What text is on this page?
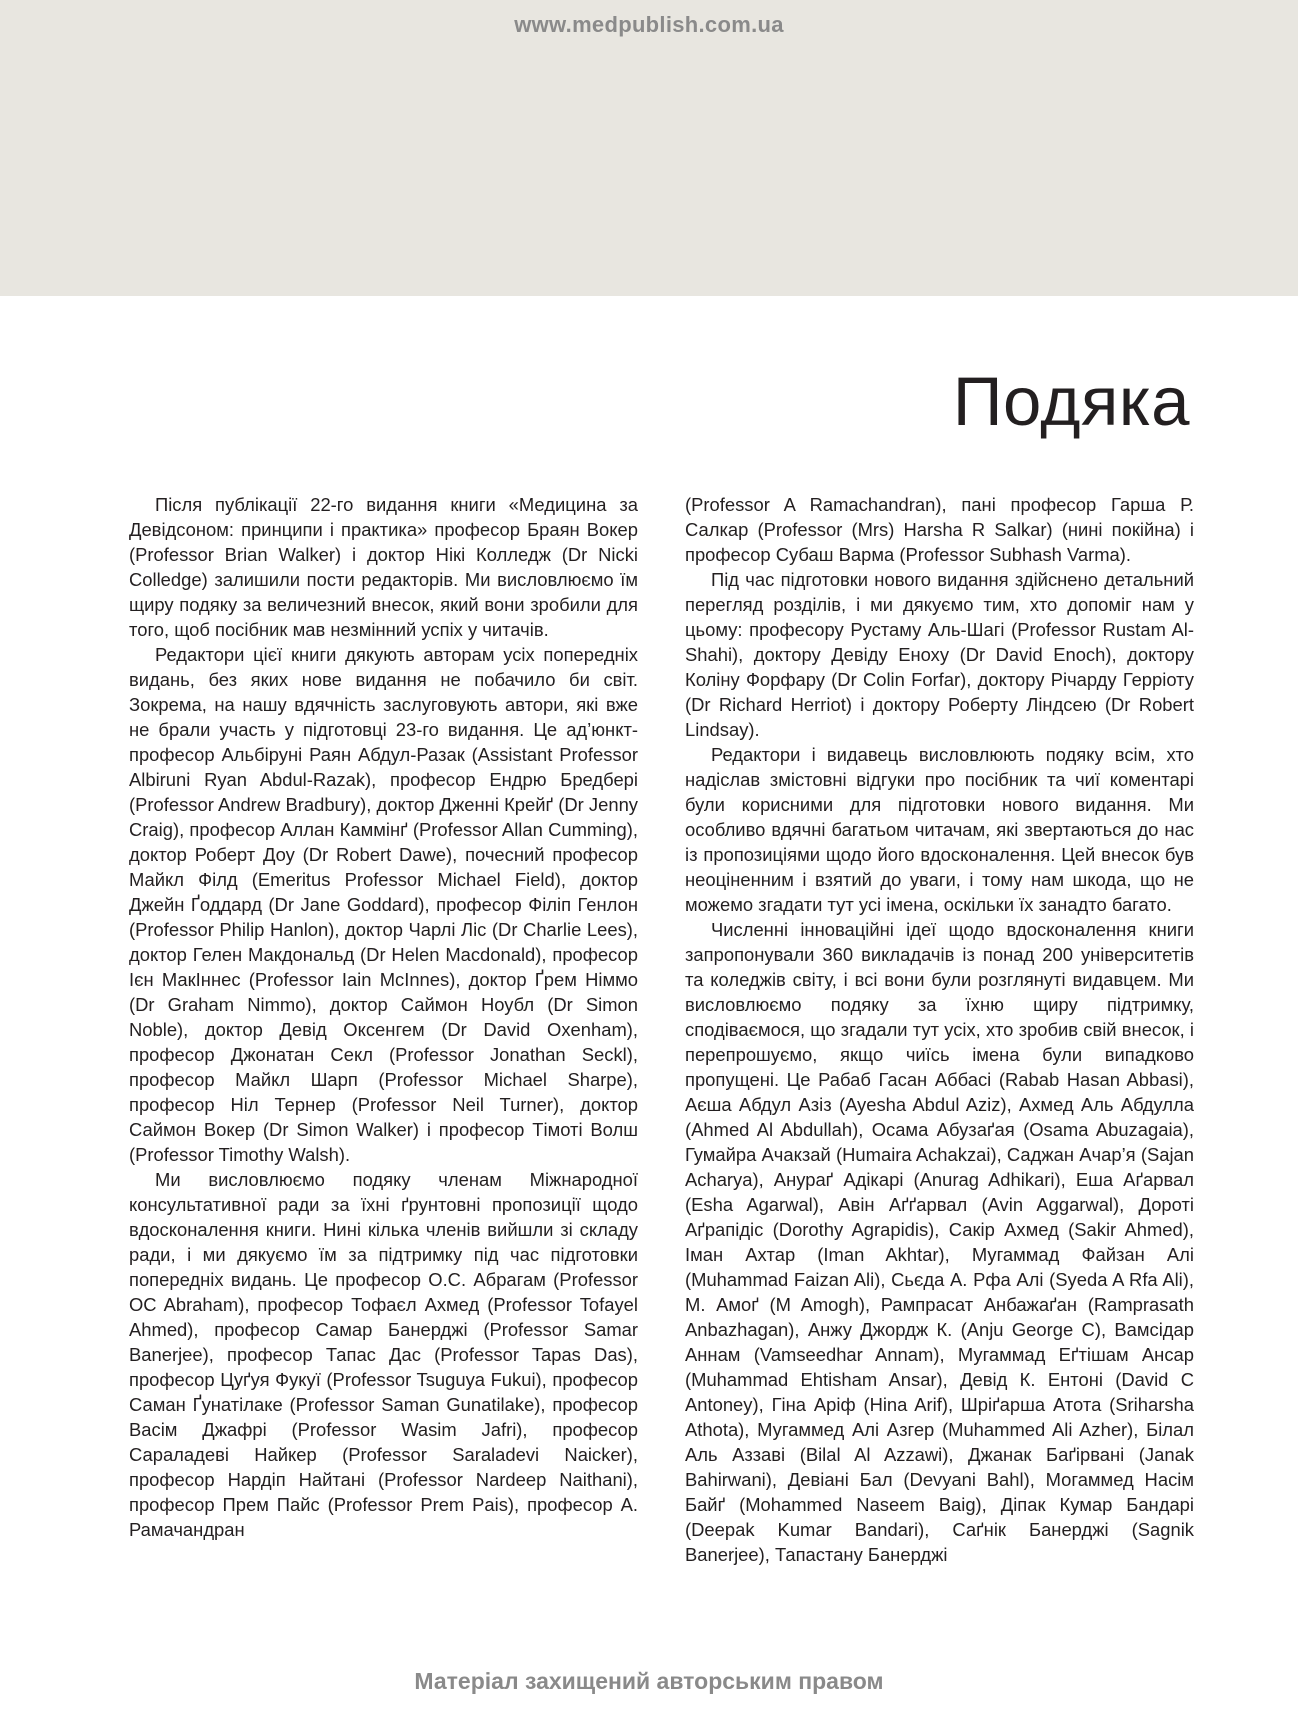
www.medpublish.com.ua
Подяка

Після публікації 22-го видання книги «Медицина за Девідсоном: принципи і практика» професор Браян Вокер (Professor Brian Walker) і доктор Нікі Колледж (Dr Nicki Colledge) залишили пости редакторів. Ми висловлюємо їм щиру подяку за величезний внесок, який вони зробили для того, щоб посібник мав незмінний успіх у читачів.

Редактори цієї книги дякують авторам усіх попередніх видань, без яких нове видання не побачило би світ. Зокрема, на нашу вдячність заслуговують автори, які вже не брали участь у підготовці 23-го видання. Це ад’юнкт-професор Альбіруні Раян Абдул-Разак (Assistant Professor Albiruni Ryan Abdul-Razak), професор Ендрю Бредбері (Professor Andrew Bradbury), доктор Дженні Крейґ (Dr Jenny Craig), професор Аллан Каммінґ (Professor Allan Cumming), доктор Роберт Доу (Dr Robert Dawe), почесний професор Майкл Філд (Emeritus Professor Michael Field), доктор Джейн Ґоддард (Dr Jane Goddard), професор Філіп Генлон (Professor Philip Hanlon), доктор Чарлі Ліс (Dr Charlie Lees), доктор Гелен Макдональд (Dr Helen Macdonald), професор Ієн МакІннес (Professor Iain McInnes), доктор Ґрем Німмо (Dr Graham Nimmo), доктор Саймон Ноубл (Dr Simon Noble), доктор Девід Оксенгем (Dr David Oxenham), професор Джонатан Секл (Professor Jonathan Seckl), професор Майкл Шарп (Professor Michael Sharpe), професор Ніл Тернер (Professor Neil Turner), доктор Саймон Вокер (Dr Simon Walker) і професор Тімоті Волш (Professor Timothy Walsh).

Ми висловлюємо подяку членам Міжнародної консультативної ради за їхні ґрунтовні пропозиції щодо вдосконалення книги. Нині кілька членів вийшли зі складу ради, і ми дякуємо їм за підтримку під час підготовки попередніх видань. Це професор О.С. Абрагам (Professor OC Abraham), професор Тофаєл Ахмед (Professor Tofayel Ahmed), професор Самар Банерджі (Professor Samar Banerjee), професор Тапас Дас (Professor Tapas Das), професор Цуґуя Фукуї (Professor Tsuguya Fukui), професор Саман Ґунатілаке (Professor Saman Gunatilake), професор Васім Джафрі (Professor Wasim Jafri), професор Сараладеві Найкер (Professor Saraladevi Naicker), професор Нардіп Найтані (Professor Nardeep Naithani), професор Прем Пайс (Professor Prem Pais), професор А. Рамачандран

(Professor A Ramachandran), пані професор Гарша Р. Салкар (Professor (Mrs) Harsha R Salkar) (нині покійна) і професор Субаш Варма (Professor Subhash Varma).

Під час підготовки нового видання здійснено детальний перегляд розділів, і ми дякуємо тим, хто допоміг нам у цьому: професору Рустаму Аль-Шагі (Professor Rustam Al-Shahi), доктору Девіду Еноху (Dr David Enoch), доктору Коліну Форфару (Dr Colin Forfar), доктору Річарду Герріоту (Dr Richard Herriot) і доктору Роберту Ліндсею (Dr Robert Lindsay).

Редактори і видавець висловлюють подяку всім, хто надіслав змістовні відгуки про посібник та чиї коментарі були корисними для підготовки нового видання. Ми особливо вдячні багатьом читачам, які звертаються до нас із пропозиціями щодо його вдосконалення. Цей внесок був неоціненним і взятий до уваги, і тому нам шкода, що не можемо згадати тут усі імена, оскільки їх занадто багато.

Численні інноваційні ідеї щодо вдосконалення книги запропонували 360 викладачів із понад 200 університетів та коледжів світу, і всі вони були розглянуті видавцем. Ми висловлюємо подяку за їхню щиру підтримку, сподіваємося, що згадали тут усіх, хто зробив свій внесок, і перепрошуємо, якщо чиїсь імена були випадково пропущені. Це Рабаб Гасан Аббасі (Rabab Hasan Abbasi), Аєша Абдул Азіз (Ayesha Abdul Aziz), Ахмед Аль Абдулла (Ahmed Al Abdullah), Осама Абузаґая (Osama Abuzagaia), Гумайра Ачакзай (Humaira Achakzai), Саджан Ачар’я (Sajan Acharya), Анураґ Адікарі (Anurag Adhikari), Еша Аґарвал (Esha Agarwal), Авін Аґґарвал (Avin Aggarwal), Дороті Аґрапідіс (Dorothy Agrapidis), Сакір Ахмед (Sakir Ahmed), Іман Ахтар (Iman Akhtar), Мугаммад Файзан Алі (Muhammad Faizan Ali), Сьєда А. Рфа Алі (Syeda A Rfa Ali), М. Амоґ (M Amogh), Рампрасат Анбажаґан (Ramprasath Anbazhagan), Анжу Джордж К. (Anju George C), Вамсідар Аннам (Vamseedhar Annam), Мугаммад Еґтішам Ансар (Muhammad Ehtisham Ansar), Девід К. Ентоні (David C Antoney), Гіна Аріф (Hina Arif), Шріґарша Атота (Sriharsha Athota), Мугаммед Алі Азгер (Muhammed Ali Azher), Білал Аль Аззаві (Bilal Al Azzawi), Джанак Баґірвані (Janak Bahirwani), Девіані Бал (Devyani Bahl), Могаммед Насім Байґ (Mohammed Naseem Baig), Діпак Кумар Бандарі (Deepak Kumar Bandari), Саґнік Банерджі (Sagnik Banerjee), Тапастану Банерджі

Матеріал захищений авторським правом
